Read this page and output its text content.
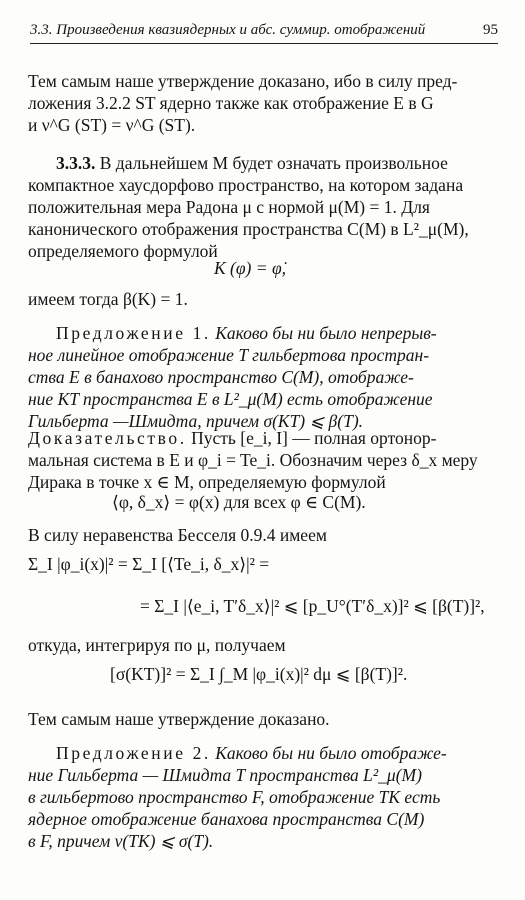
3.3. Произведения квазиядерных и абс. суммир. отображений	95
Тем самым наше утверждение доказано, ибо в силу пред-
ложения 3.2.2 ST ядерно также как отображение E в G
и ν^G (ST) = ν^G (ST).
3.3.3. В дальнейшем M будет означать произвольное
компактное хаусдорфово пространство, на котором задана
положительная мера Радона μ с нормой μ(M) = 1. Для
канонического отображения пространства C(M) в L²_μ(M),
определяемого формулой
K (φ) = φ̇,
имеем тогда β(K) = 1.
Предложение 1. Каково бы ни было непрерыв-
ное линейное отображение T гильбертова простран-
ства E в банахово пространство C(M), отображе-
ние KT пространства E в L²_μ(M) есть отображение
Гильберта —Шмидта, причем σ(KT) ⩽ β(T).
Доказательство. Пусть [e_i, I] — полная ортонор-
мальная система в E и φ_i = Te_i. Обозначим через δ_x меру
Дирака в точке x ∈ M, определяемую формулой
⟨φ, δ_x⟩ = φ(x) для всех φ ∈ C(M).
В силу неравенства Бесселя 0.9.4 имеем
Σ_I |φ_i(x)|² = Σ_I [⟨Te_i, δ_x⟩|² =
= Σ_I |⟨e_i, T′δ_x⟩|² ⩽ [p_U°(T′δ_x)]² ⩽ [β(T)]²,
откуда, интегрируя по μ, получаем
[σ(KT)]² = Σ_I ∫_M |φ_i(x)|² dμ ⩽ [β(T)]².
Тем самым наше утверждение доказано.
Предложение 2. Каково бы ни было отображе-
ние Гильберта — Шмидта T пространства L²_μ(M)
в гильбертово пространство F, отображение TK есть
ядерное отображение банахова пространства C(M)
в F, причем ν(TK) ⩽ σ(T).
